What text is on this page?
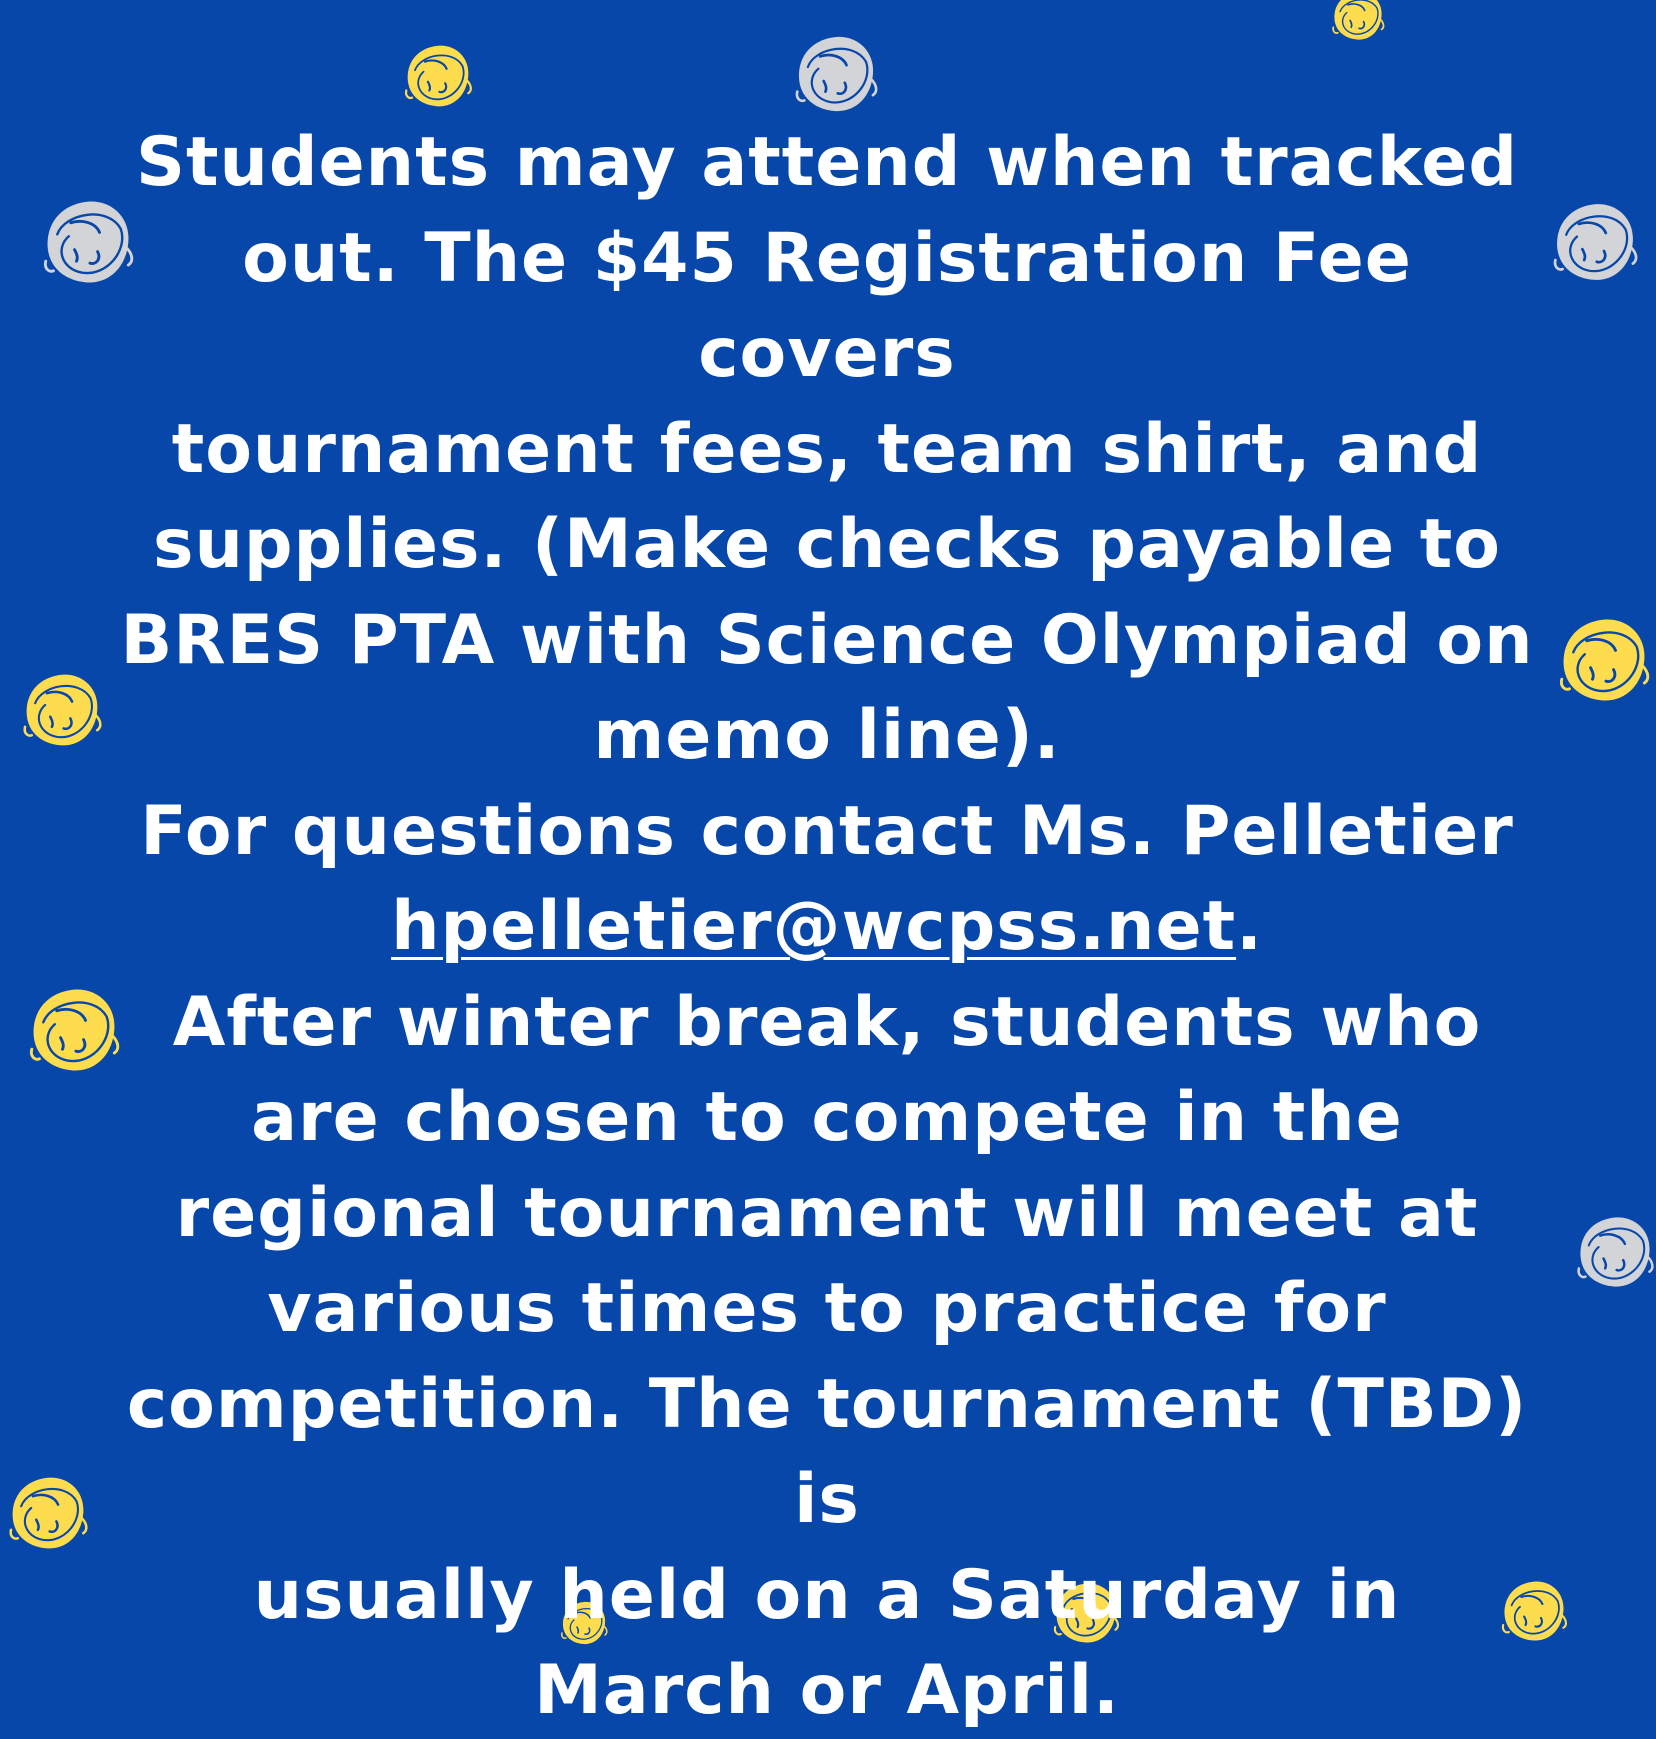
Students may attend when tracked
out. The $45 Registration Fee covers
tournament fees, team shirt, and
supplies. (Make checks payable to
BRES PTA with Science Olympiad on
memo line).

For questions contact Ms. Pelletier
hpelletier@wcpss.net.

After winter break, students who
are chosen to compete in the
regional tournament will meet at
various times to practice for
competition. The tournament (TBD) is
usually held on a Saturday in
March or April.
